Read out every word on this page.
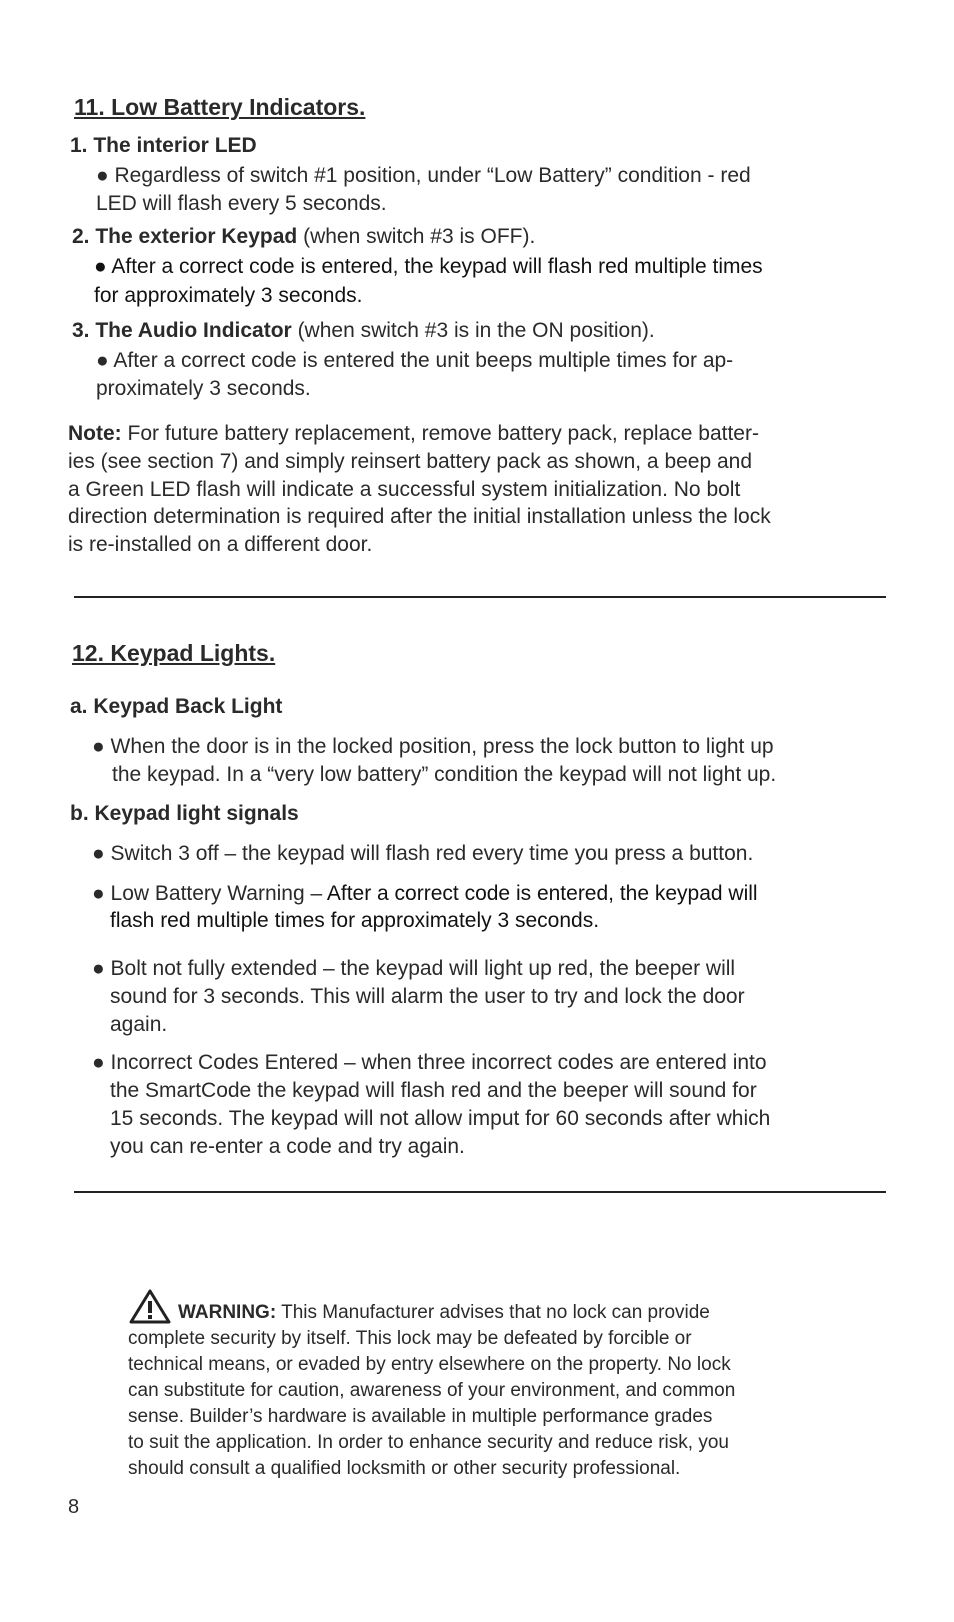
11. Low Battery Indicators.
1. The interior LED
● Regardless of switch #1 position, under “Low Battery” condition - red
LED will flash every 5 seconds.
2. The exterior Keypad (when switch #3 is OFF).
● After a correct code is entered, the keypad will flash red multiple times
for approximately 3 seconds.
3. The Audio Indicator (when switch #3 is in the ON position).
● After a correct code is entered the unit beeps multiple times for ap-
proximately 3 seconds.
Note: For future battery replacement, remove battery pack, replace batter-
ies (see section 7) and simply reinsert battery pack as shown, a beep and
a Green LED flash will indicate a successful system initialization. No bolt
direction determination is required after the initial installation unless the lock
is re-installed on a different door.
12. Keypad Lights.
a. Keypad Back Light
● When the door is in the locked position, press the lock button to light up
the keypad. In a “very low battery” condition the keypad will not light up.
b. Keypad light signals
● Switch 3 off – the keypad will flash red every time you press a button.
● Low Battery Warning – After a correct code is entered, the keypad will
flash red multiple times for approximately 3 seconds.
● Bolt not fully extended – the keypad will light up red, the beeper will
sound for 3 seconds. This will alarm the user to try and lock the door
again.
● Incorrect Codes Entered – when three incorrect codes are entered into
the SmartCode the keypad will flash red and the beeper will sound for
15 seconds. The keypad will not allow imput for 60 seconds after which
you can re-enter a code and try again.
WARNING: This Manufacturer advises that no lock can provide
complete security by itself. This lock may be defeated by forcible or
technical means, or evaded by entry elsewhere on the property. No lock
can substitute for caution, awareness of your environment, and common
sense. Builder’s hardware is available in multiple performance grades
to suit the application. In order to enhance security and reduce risk, you
should consult a qualified locksmith or other security professional.
8
